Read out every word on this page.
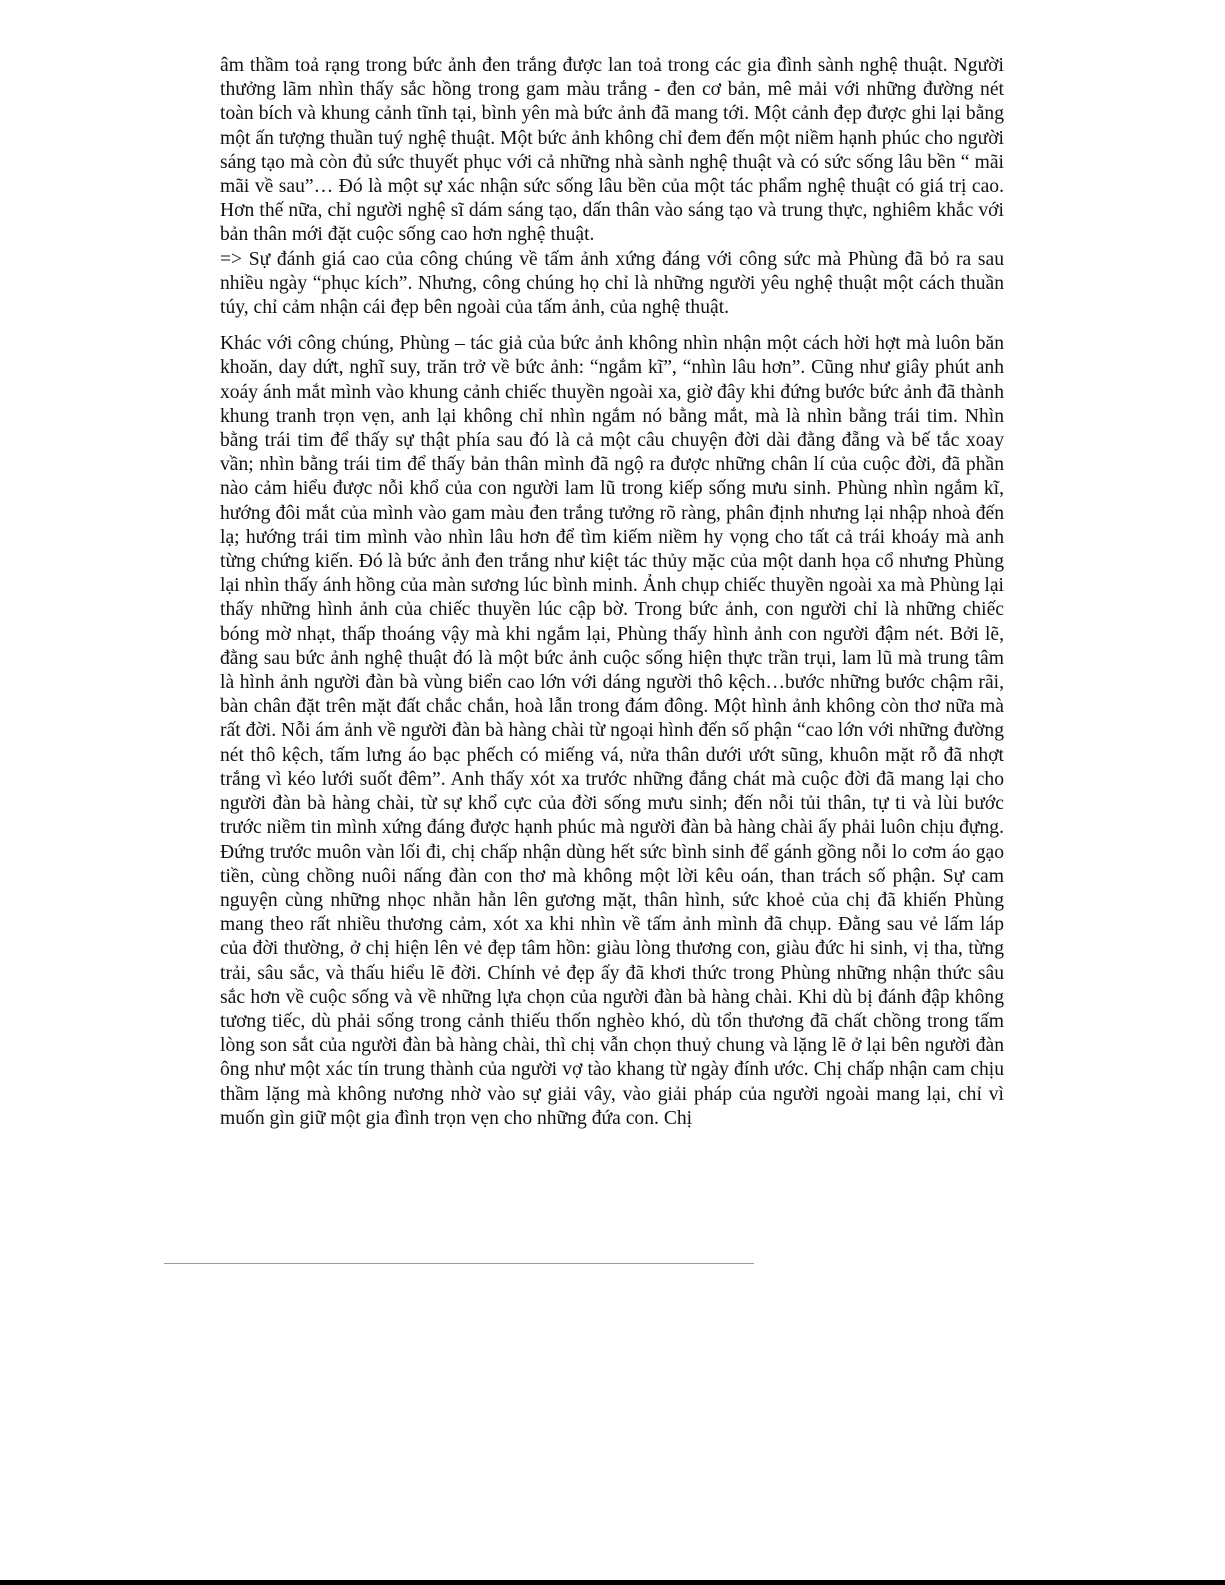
âm thầm toả rạng trong bức ảnh đen trắng được lan toả trong các gia đình sành nghệ thuật. Người thưởng lãm nhìn thấy sắc hồng trong gam màu trắng - đen cơ bản, mê mải với những đường nét toàn bích và khung cảnh tĩnh tại, bình yên mà bức ảnh đã mang tới. Một cảnh đẹp được ghi lại bằng một ấn tượng thuần tuý nghệ thuật. Một bức ảnh không chỉ đem đến một niềm hạnh phúc cho người sáng tạo mà còn đủ sức thuyết phục với cả những nhà sành nghệ thuật và có sức sống lâu bền “ mãi mãi về sau”… Đó là một sự xác nhận sức sống lâu bền của một tác phẩm nghệ thuật có giá trị cao. Hơn thế nữa, chỉ người nghệ sĩ dám sáng tạo, dấn thân vào sáng tạo và trung thực, nghiêm khắc với bản thân mới đặt cuộc sống cao hơn nghệ thuật.

=> Sự đánh giá cao của công chúng về tấm ảnh xứng đáng với công sức mà Phùng đã bỏ ra sau nhiều ngày “phục kích”. Nhưng, công chúng họ chỉ là những người yêu nghệ thuật một cách thuần túy, chỉ cảm nhận cái đẹp bên ngoài của tấm ảnh, của nghệ thuật.

Khác với công chúng, Phùng – tác giả của bức ảnh không nhìn nhận một cách hời hợt mà luôn băn khoăn, day dứt, nghĩ suy, trăn trở về bức ảnh: “ngắm kĩ”, “nhìn lâu hơn”. Cũng như giây phút anh xoáy ánh mắt mình vào khung cảnh chiếc thuyền ngoài xa, giờ đây khi đứng bước bức ảnh đã thành khung tranh trọn vẹn, anh lại không chỉ nhìn ngắm nó bằng mắt, mà là nhìn bằng trái tim. Nhìn bằng trái tim để thấy sự thật phía sau đó là cả một câu chuyện đời dài đằng đẵng và bế tắc xoay vần; nhìn bằng trái tim để thấy bản thân mình đã ngộ ra được những chân lí của cuộc đời, đã phần nào cảm hiểu được nỗi khổ của con người lam lũ trong kiếp sống mưu sinh. Phùng nhìn ngắm kĩ, hướng đôi mắt của mình vào gam màu đen trắng tưởng rõ ràng, phân định nhưng lại nhập nhoà đến lạ; hướng trái tim mình vào nhìn lâu hơn để tìm kiếm niềm hy vọng cho tất cả trái khoáy mà anh từng chứng kiến. Đó là bức ảnh đen trắng như kiệt tác thủy mặc của một danh họa cổ nhưng Phùng lại nhìn thấy ánh hồng của màn sương lúc bình minh. Ảnh chụp chiếc thuyền ngoài xa mà Phùng lại thấy những hình ảnh của chiếc thuyền lúc cập bờ. Trong bức ảnh, con người chỉ là những chiếc bóng mờ nhạt, thấp thoáng vậy mà khi ngắm lại, Phùng thấy hình ảnh con người đậm nét. Bởi lẽ, đằng sau bức ảnh nghệ thuật đó là một bức ảnh cuộc sống hiện thực trần trụi, lam lũ mà trung tâm là hình ảnh người đàn bà vùng biển cao lớn với dáng người thô kệch…bước những bước chậm rãi, bàn chân đặt trên mặt đất chắc chắn, hoà lẫn trong đám đông. Một hình ảnh không còn thơ nữa mà rất đời. Nỗi ám ảnh về người đàn bà hàng chài từ ngoại hình đến số phận “cao lớn với những đường nét thô kệch, tấm lưng áo bạc phếch có miếng vá, nửa thân dưới ướt sũng, khuôn mặt rỗ đã nhợt trắng vì kéo lưới suốt đêm”. Anh thấy xót xa trước những đắng chát mà cuộc đời đã mang lại cho người đàn bà hàng chài, từ sự khổ cực của đời sống mưu sinh; đến nỗi tủi thân, tự ti và lùi bước trước niềm tin mình xứng đáng được hạnh phúc mà người đàn bà hàng chài ấy phải luôn chịu đựng. Đứng trước muôn vàn lối đi, chị chấp nhận dùng hết sức bình sinh để gánh gồng nỗi lo cơm áo gạo tiền, cùng chồng nuôi nấng đàn con thơ mà không một lời kêu oán, than trách số phận. Sự cam nguyện cùng những nhọc nhằn hằn lên gương mặt, thân hình, sức khoẻ của chị đã khiến Phùng mang theo rất nhiều thương cảm, xót xa khi nhìn về tấm ảnh mình đã chụp. Đằng sau vẻ lấm láp của đời thường, ở chị hiện lên vẻ đẹp tâm hồn: giàu lòng thương con, giàu đức hi sinh, vị tha, từng trải, sâu sắc, và thấu hiểu lẽ đời. Chính vẻ đẹp ấy đã khơi thức trong Phùng những nhận thức sâu sắc hơn về cuộc sống và về những lựa chọn của người đàn bà hàng chài. Khi dù bị đánh đập không tương tiếc, dù phải sống trong cảnh thiếu thốn nghèo khó, dù tổn thương đã chất chồng trong tấm lòng son sắt của người đàn bà hàng chài, thì chị vẫn chọn thuỷ chung và lặng lẽ ở lại bên người đàn ông như một xác tín trung thành của người vợ tào khang từ ngày đính ước. Chị chấp nhận cam chịu thầm lặng mà không nương nhờ vào sự giải vây, vào giải pháp của người ngoài mang lại, chỉ vì muốn gìn giữ một gia đình trọn vẹn cho những đứa con. Chị
